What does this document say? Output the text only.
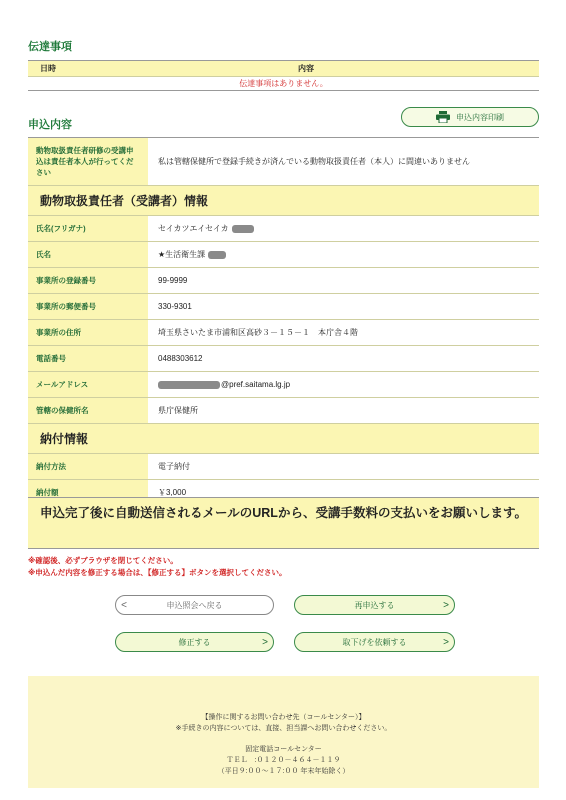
伝達事項
日時	内容
伝達事項はありません。
申込内容
申込内容印刷
動物取扱責任者研修の受講申込は責任者本人が行ってください
私は管轄保健所で登録手続きが済んでいる動物取扱責任者（本人）に間違いありません
動物取扱責任者（受講者）情報
氏名(フリガナ)	セイカツエイセイカ
氏名	★生活衛生課
事業所の登録番号	99-9999
事業所の郵便番号	330-9301
事業所の住所	埼玉県さいたま市浦和区高砂３－１５－１　本庁舎４階
電話番号	0488303612
メールアドレス	@pref.saitama.lg.jp
管轄の保健所名	県庁保健所
納付情報
納付方法	電子納付
納付額	￥3,000
申込完了後に自動送信されるメールのURLから、受講手数料の支払いをお願いします。
※確認後、必ずブラウザを閉じてください。
※申込んだ内容を修正する場合は、【修正する】ボタンを選択してください。
<	申込照会へ戻る	再申込する	>
修正する	>	取下げを依頼する	>
【操作に関するお問い合わせ先（コールセンター）】
※手続きの内容については、直接、担当課へお問い合わせください。
固定電話コールセンター
ＴＥＬ　:０１２０－４６４－１１９
（平日９:００～１７:００ 年末年始除く）
